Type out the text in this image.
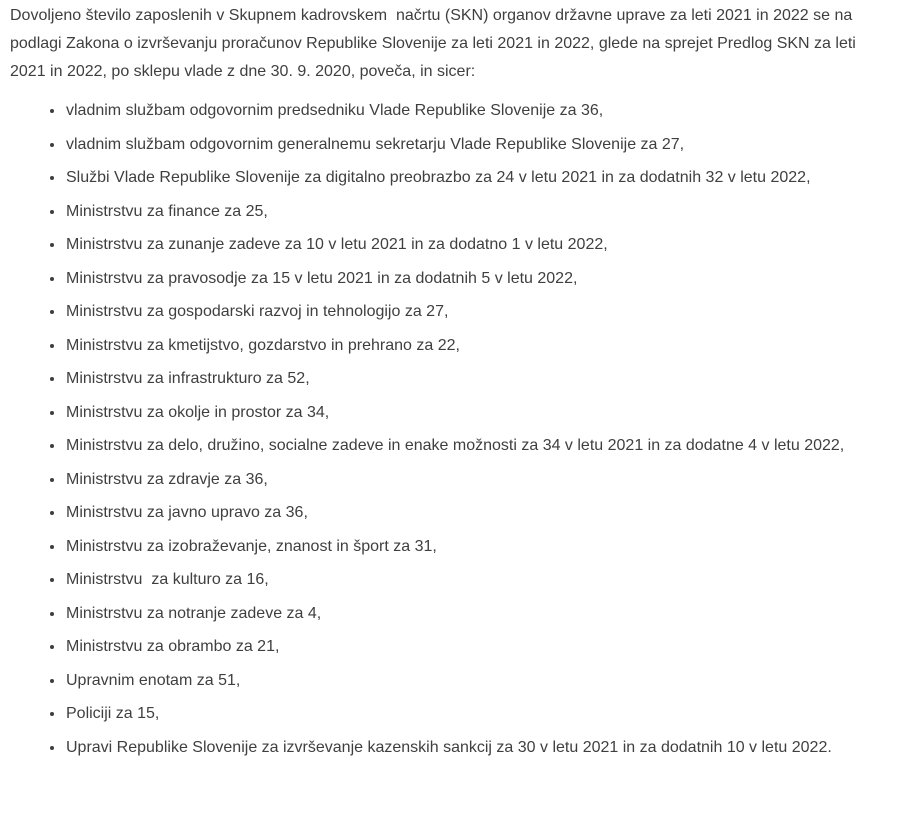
Dovoljeno število zaposlenih v Skupnem kadrovskem  načrtu (SKN) organov državne uprave za leti 2021 in 2022 se na podlagi Zakona o izvrševanju proračunov Republike Slovenije za leti 2021 in 2022, glede na sprejet Predlog SKN za leti 2021 in 2022, po sklepu vlade z dne 30. 9. 2020, poveča, in sicer:

• vladnim službam odgovornim predsedniku Vlade Republike Slovenije za 36,
• vladnim službam odgovornim generalnemu sekretarju Vlade Republike Slovenije za 27,
• Službi Vlade Republike Slovenije za digitalno preobrazbo za 24 v letu 2021 in za dodatnih 32 v letu 2022,
• Ministrstvu za finance za 25,
• Ministrstvu za zunanje zadeve za 10 v letu 2021 in za dodatno 1 v letu 2022,
• Ministrstvu za pravosodje za 15 v letu 2021 in za dodatnih 5 v letu 2022,
• Ministrstvu za gospodarski razvoj in tehnologijo za 27,
• Ministrstvu za kmetijstvo, gozdarstvo in prehrano za 22,
• Ministrstvu za infrastrukturo za 52,
• Ministrstvu za okolje in prostor za 34,
• Ministrstvu za delo, družino, socialne zadeve in enake možnosti za 34 v letu 2021 in za dodatne 4 v letu 2022,
• Ministrstvu za zdravje za 36,
• Ministrstvu za javno upravo za 36,
• Ministrstvu za izobraževanje, znanost in šport za 31,
• Ministrstvu  za kulturo za 16,
• Ministrstvu za notranje zadeve za 4,
• Ministrstvu za obrambo za 21,
• Upravnim enotam za 51,
• Policiji za 15,
• Upravi Republike Slovenije za izvrševanje kazenskih sankcij za 30 v letu 2021 in za dodatnih 10 v letu 2022.
